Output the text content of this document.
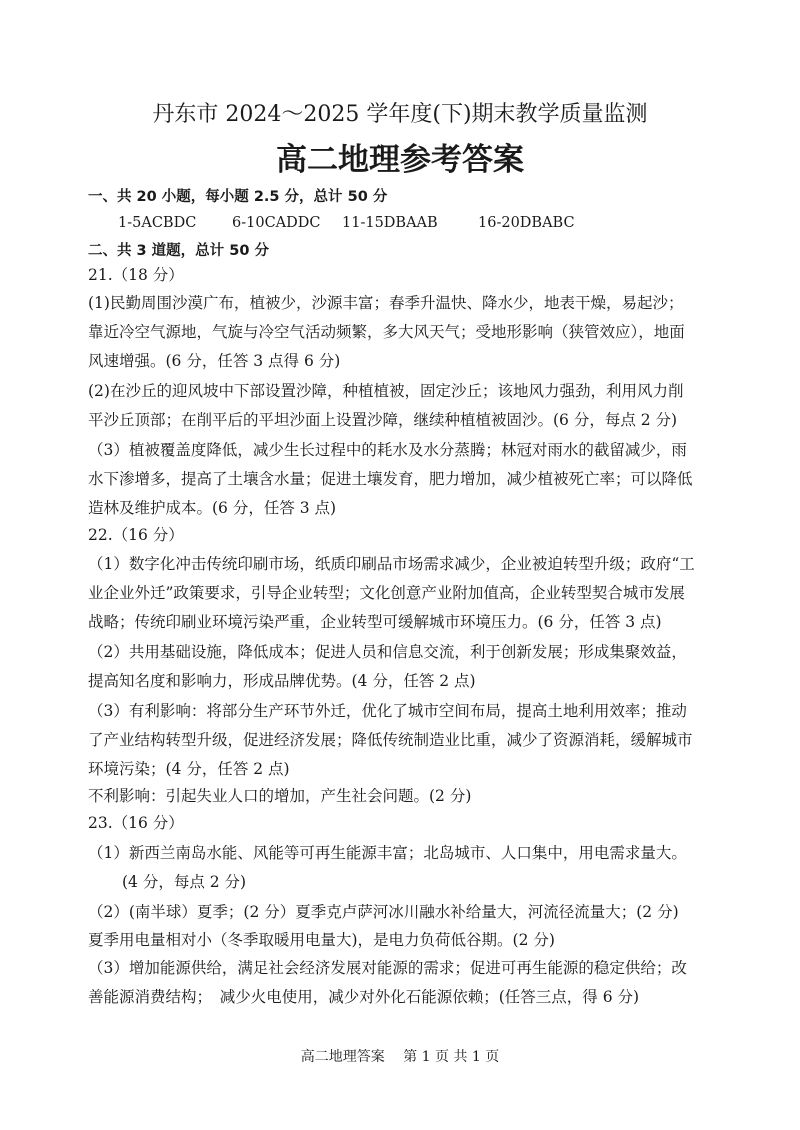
丹东市 2024～2025 学年度(下)期末教学质量监测
高二地理参考答案
一、共 20 小题，每小题 2.5 分，总计 50 分
1-5ACBDC 6-10CADDC 11-15DBAAB	16-20DBABC
二、共 3 道题，总计 50 分
21.（18 分）
(1)民勤周围沙漠广布，植被少，沙源丰富；春季升温快、降水少，地表干燥，易起沙；
靠近冷空气源地，气旋与冷空气活动频繁，多大风天气；受地形影响（狭管效应），地面
风速增强。(6 分，任答 3 点得 6 分)
(2)在沙丘的迎风坡中下部设置沙障，种植植被，固定沙丘；该地风力强劲，利用风力削
平沙丘顶部；在削平后的平坦沙面上设置沙障，继续种植植被固沙。(6 分，每点 2 分)
（3）植被覆盖度降低，减少生长过程中的耗水及水分蒸腾；林冠对雨水的截留减少，雨
水下渗增多，提高了土壤含水量；促进土壤发育，肥力增加，减少植被死亡率；可以降低
造林及维护成本。(6 分，任答 3 点)
22.（16 分）
（1）数字化冲击传统印刷市场，纸质印刷品市场需求减少，企业被迫转型升级；政府“工
业企业外迁”政策要求，引导企业转型；文化创意产业附加值高，企业转型契合城市发展
战略；传统印刷业环境污染严重，企业转型可缓解城市环境压力。(6 分，任答 3 点)
（2）共用基础设施，降低成本；促进人员和信息交流，利于创新发展；形成集聚效益，
提高知名度和影响力，形成品牌优势。(4 分，任答 2 点)
（3）有利影响：将部分生产环节外迁，优化了城市空间布局，提高土地利用效率；推动
了产业结构转型升级，促进经济发展；降低传统制造业比重，减少了资源消耗，缓解城市
环境污染；(4 分，任答 2 点)
不利影响：引起失业人口的增加，产生社会问题。(2 分)
23.（16 分）
（1）新西兰南岛水能、风能等可再生能源丰富；北岛城市、人口集中，用电需求量大。
(4 分，每点 2 分)
（2）(南半球）夏季；(2 分）夏季克卢萨河冰川融水补给量大，河流径流量大；(2 分)
夏季用电量相对小（冬季取暖用电量大)，是电力负荷低谷期。(2 分)
（3）增加能源供给，满足社会经济发展对能源的需求；促进可再生能源的稳定供给；改
善能源消费结构；　减少火电使用，减少对外化石能源依赖；(任答三点，得 6 分)
高二地理答案　 第 1 页 共 1 页
